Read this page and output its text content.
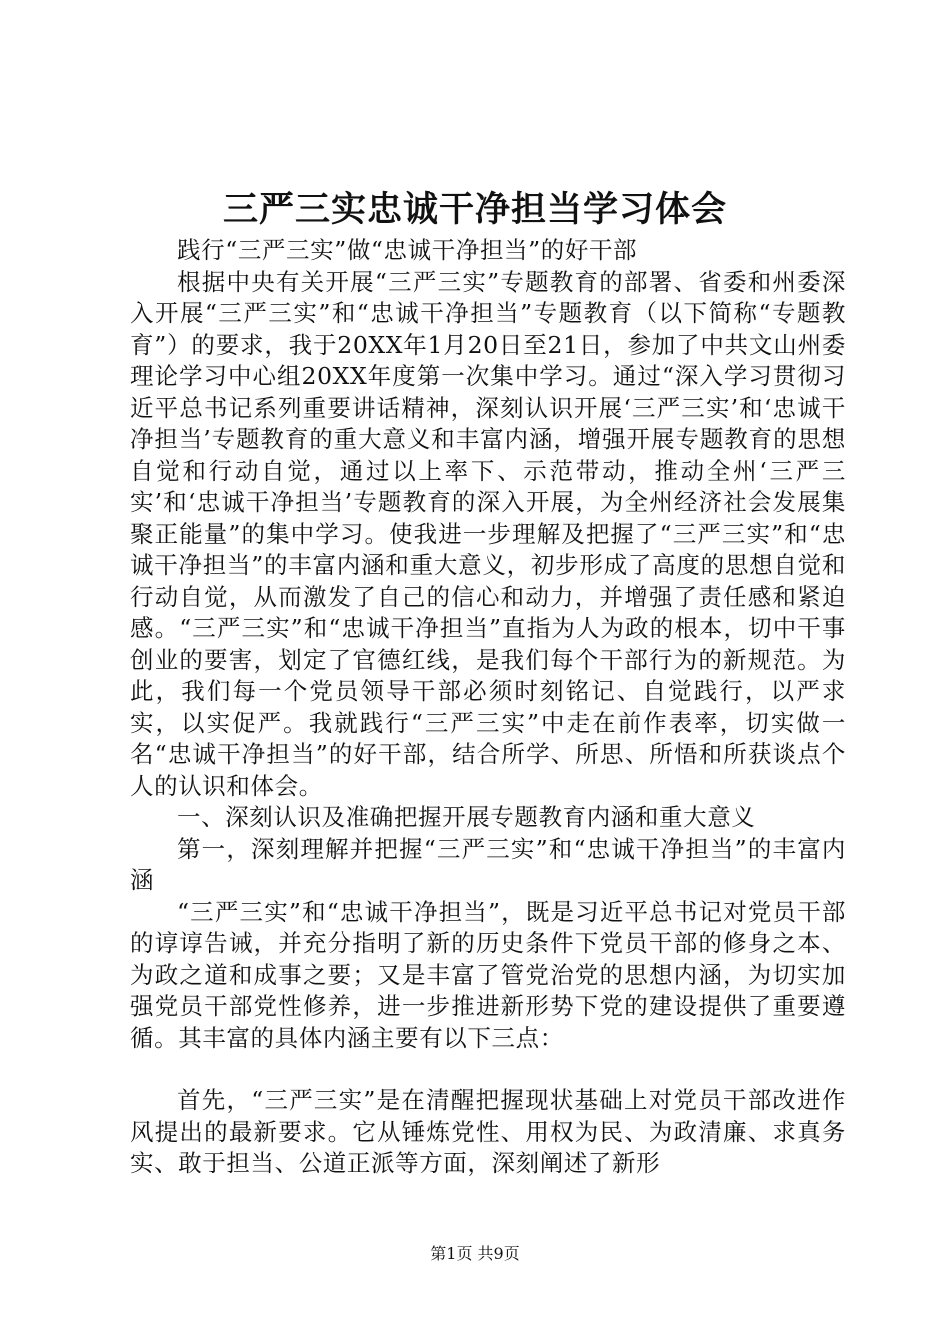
三严三实忠诚干净担当学习体会

践行“三严三实”做“忠诚干净担当”的好干部

根据中央有关开展“三严三实”专题教育的部署、省委和州委深入开展“三严三实”和“忠诚干净担当”专题教育（以下简称“专题教育”）的要求，我于20XX年1月20日至21日，参加了中共文山州委理论学习中心组20XX年度第一次集中学习。通过“深入学习贯彻习近平总书记系列重要讲话精神，深刻认识开展‘三严三实’和‘忠诚干净担当’专题教育的重大意义和丰富内涵，增强开展专题教育的思想自觉和行动自觉，通过以上率下、示范带动，推动全州‘三严三实’和‘忠诚干净担当’专题教育的深入开展，为全州经济社会发展集聚正能量”的集中学习。使我进一步理解及把握了“三严三实”和“忠诚干净担当”的丰富内涵和重大意义，初步形成了高度的思想自觉和行动自觉，从而激发了自己的信心和动力，并增强了责任感和紧迫感。“三严三实”和“忠诚干净担当”直指为人为政的根本，切中干事创业的要害，划定了官德红线，是我们每个干部行为的新规范。为此，我们每一个党员领导干部必须时刻铭记、自觉践行，以严求实，以实促严。我就践行“三严三实”中走在前作表率，切实做一名“忠诚干净担当”的好干部，结合所学、所思、所悟和所获谈点个人的认识和体会。

一、深刻认识及准确把握开展专题教育内涵和重大意义

第一，深刻理解并把握“三严三实”和“忠诚干净担当”的丰富内涵

“三严三实”和“忠诚干净担当”，既是习近平总书记对党员干部的谆谆告诫，并充分指明了新的历史条件下党员干部的修身之本、为政之道和成事之要；又是丰富了管党治党的思想内涵，为切实加强党员干部党性修养，进一步推进新形势下党的建设提供了重要遵循。其丰富的具体内涵主要有以下三点：

首先，“三严三实”是在清醒把握现状基础上对党员干部改进作风提出的最新要求。它从锤炼党性、用权为民、为政清廉、求真务实、敢于担当、公道正派等方面，深刻阐述了新形

第1页 共9页
